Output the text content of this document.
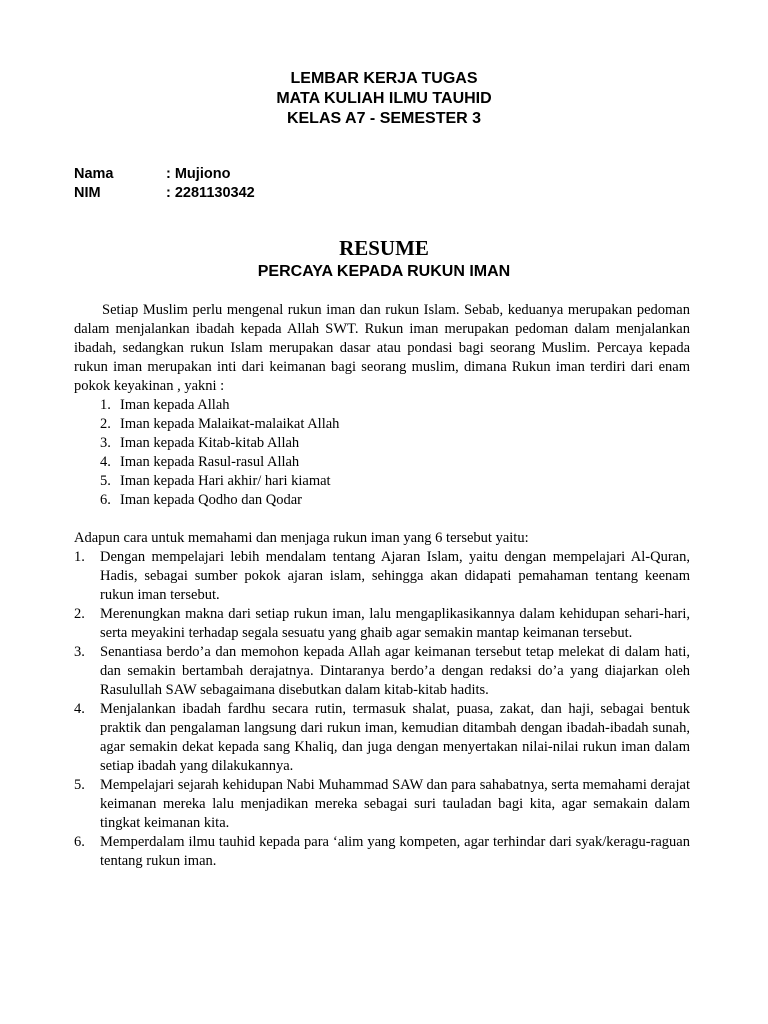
LEMBAR KERJA TUGAS
MATA KULIAH ILMU TAUHID
KELAS A7 - SEMESTER 3
Nama	: Mujiono
NIM	: 2281130342
RESUME
PERCAYA KEPADA RUKUN IMAN

Setiap Muslim perlu mengenal rukun iman dan rukun Islam. Sebab, keduanya merupakan pedoman dalam menjalankan ibadah kepada Allah SWT. Rukun iman merupakan pedoman dalam menjalankan ibadah, sedangkan rukun Islam merupakan dasar atau pondasi bagi seorang Muslim. Percaya kepada rukun iman merupakan inti dari keimanan bagi seorang muslim, dimana Rukun iman terdiri dari enam pokok keyakinan , yakni :

1. Iman kepada Allah
2. Iman kepada Malaikat-malaikat Allah
3. Iman kepada Kitab-kitab Allah
4. Iman kepada Rasul-rasul Allah
5. Iman kepada Hari akhir/ hari kiamat
6. Iman kepada Qodho dan Qodar

Adapun cara untuk memahami dan menjaga rukun iman yang 6 tersebut yaitu:

1.	Dengan mempelajari lebih mendalam tentang Ajaran Islam, yaitu dengan mempelajari Al-Quran, Hadis, sebagai sumber pokok ajaran islam, sehingga akan didapati pemahaman tentang keenam rukun iman tersebut.
2.	Merenungkan makna dari setiap rukun iman, lalu mengaplikasikannya dalam kehidupan sehari-hari, serta meyakini terhadap segala sesuatu yang ghaib agar semakin mantap keimanan tersebut.
3.	Senantiasa berdo’a dan memohon kepada Allah agar keimanan tersebut tetap melekat di dalam hati, dan semakin bertambah derajatnya. Dintaranya berdo’a dengan redaksi do’a yang diajarkan oleh Rasulullah SAW sebagaimana disebutkan dalam kitab-kitab hadits.
4.	Menjalankan ibadah fardhu secara rutin, termasuk shalat, puasa, zakat, dan haji, sebagai bentuk praktik dan pengalaman langsung dari rukun iman, kemudian ditambah dengan ibadah-ibadah sunah, agar semakin dekat kepada sang Khaliq, dan juga dengan menyertakan nilai-nilai rukun iman dalam setiap ibadah yang dilakukannya.
5.	Mempelajari sejarah kehidupan Nabi Muhammad SAW dan para sahabatnya, serta memahami derajat keimanan mereka lalu menjadikan mereka sebagai suri tauladan bagi kita, agar semakain dalam tingkat keimanan kita.
6.	Memperdalam ilmu tauhid kepada para ‘alim yang kompeten, agar terhindar dari syak/keragu-raguan tentang rukun iman.
